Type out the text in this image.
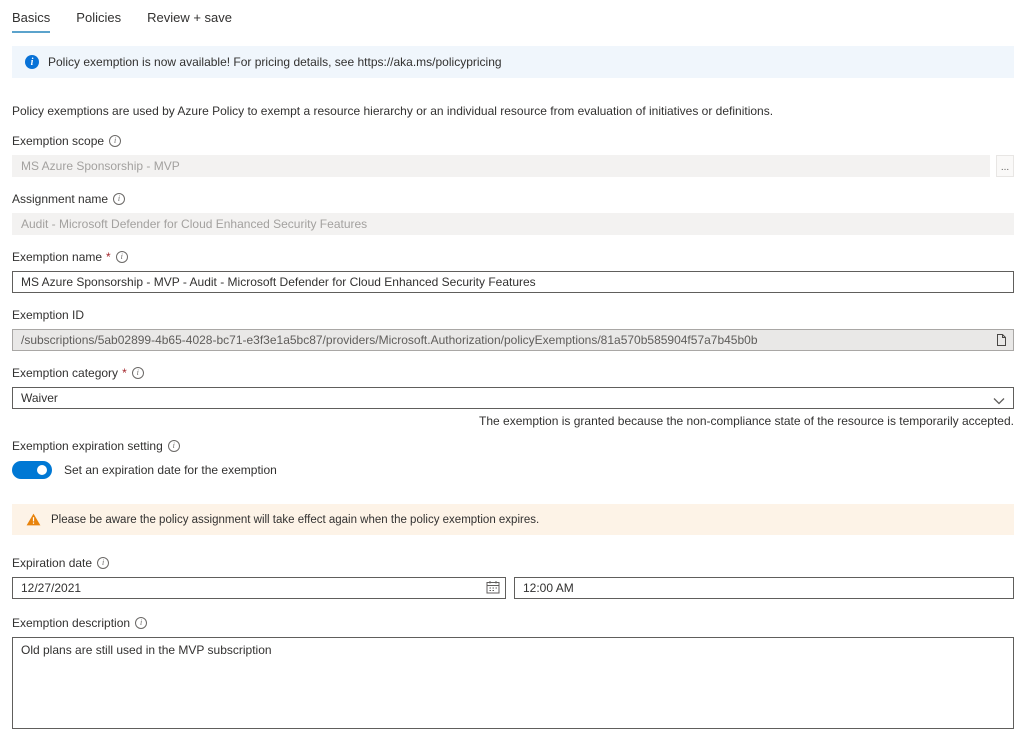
Basics Policies Review + save
i	Policy exemption is now available! For pricing details, see https://aka.ms/policypricing
Policy exemptions are used by Azure Policy to exempt a resource hierarchy or an individual resource from evaluation of initiatives or definitions.
Exemption scope	i
MS Azure Sponsorship - MVP
...
Assignment name	i
Audit - Microsoft Defender for Cloud Enhanced Security Features
Exemption name *	i
MS Azure Sponsorship - MVP - Audit - Microsoft Defender for Cloud Enhanced Security Features
Exemption ID
/subscriptions/5ab02899-4b65-4028-bc71-e3f3e1a5bc87/providers/Microsoft.Authorization/policyExemptions/81a570b585904f57a7b45b0b
Exemption category *	i
Waiver
The exemption is granted because the non-compliance state of the resource is temporarily accepted.
Exemption expiration setting	i
Set an expiration date for the exemption
Please be aware the policy assignment will take effect again when the policy exemption expires.
Expiration date	i
12/27/2021
12:00 AM
Exemption description	i
Old plans are still used in the MVP subscription
